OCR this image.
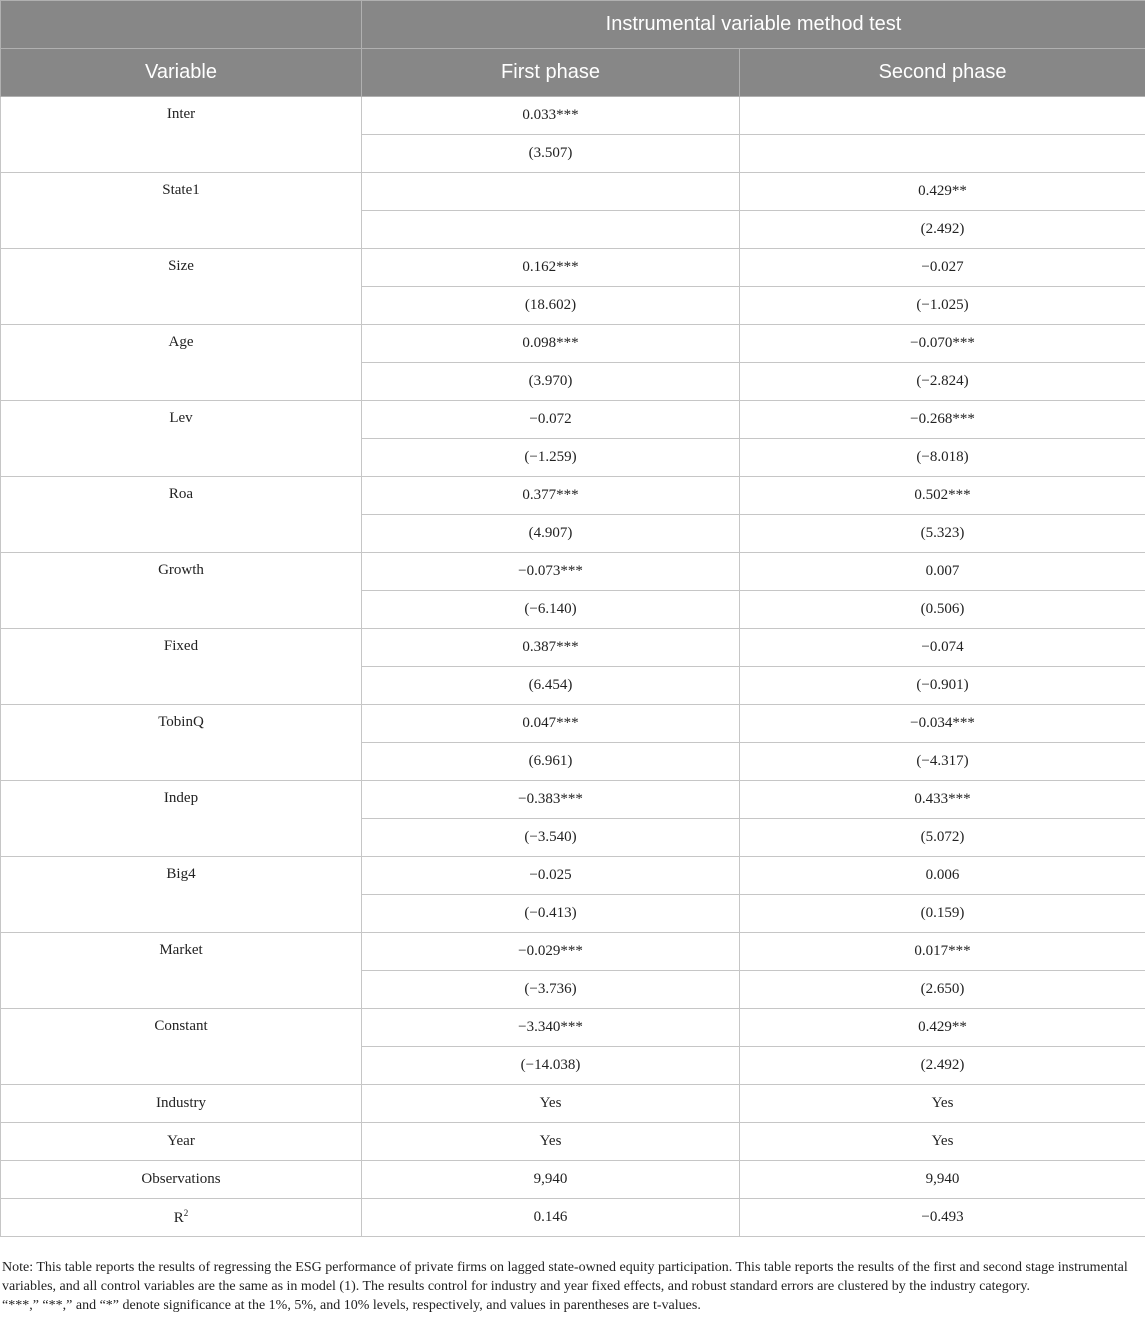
	Instrumental variable method test	
Variable	First phase	Second phase
Inter	0.033***	
	(3.507)	
State1		0.429**
		(2.492)
Size	0.162***	−0.027
	(18.602)	(−1.025)
Age	0.098***	−0.070***
	(3.970)	(−2.824)
Lev	−0.072	−0.268***
	(−1.259)	(−8.018)
Roa	0.377***	0.502***
	(4.907)	(5.323)
Growth	−0.073***	0.007
	(−6.140)	(0.506)
Fixed	0.387***	−0.074
	(6.454)	(−0.901)
TobinQ	0.047***	−0.034***
	(6.961)	(−4.317)
Indep	−0.383***	0.433***
	(−3.540)	(5.072)
Big4	−0.025	0.006
	(−0.413)	(0.159)
Market	−0.029***	0.017***
	(−3.736)	(2.650)
Constant	−3.340***	0.429**
	(−14.038)	(2.492)
Industry	Yes	Yes
Year	Yes	Yes
Observations	9,940	9,940
$R^2$	0.146	−0.493

Note: This table reports the results of regressing the ESG performance of private firms on lagged state-owned equity participation. This table reports the results of the first and second stage instrumental variables, and all control variables are the same as in model (1). The results control for industry and year fixed effects, and robust standard errors are clustered by the industry category.

“***,” “**,” and “*” denote significance at the 1%, 5%, and 10% levels, respectively, and values in parentheses are t-values.
